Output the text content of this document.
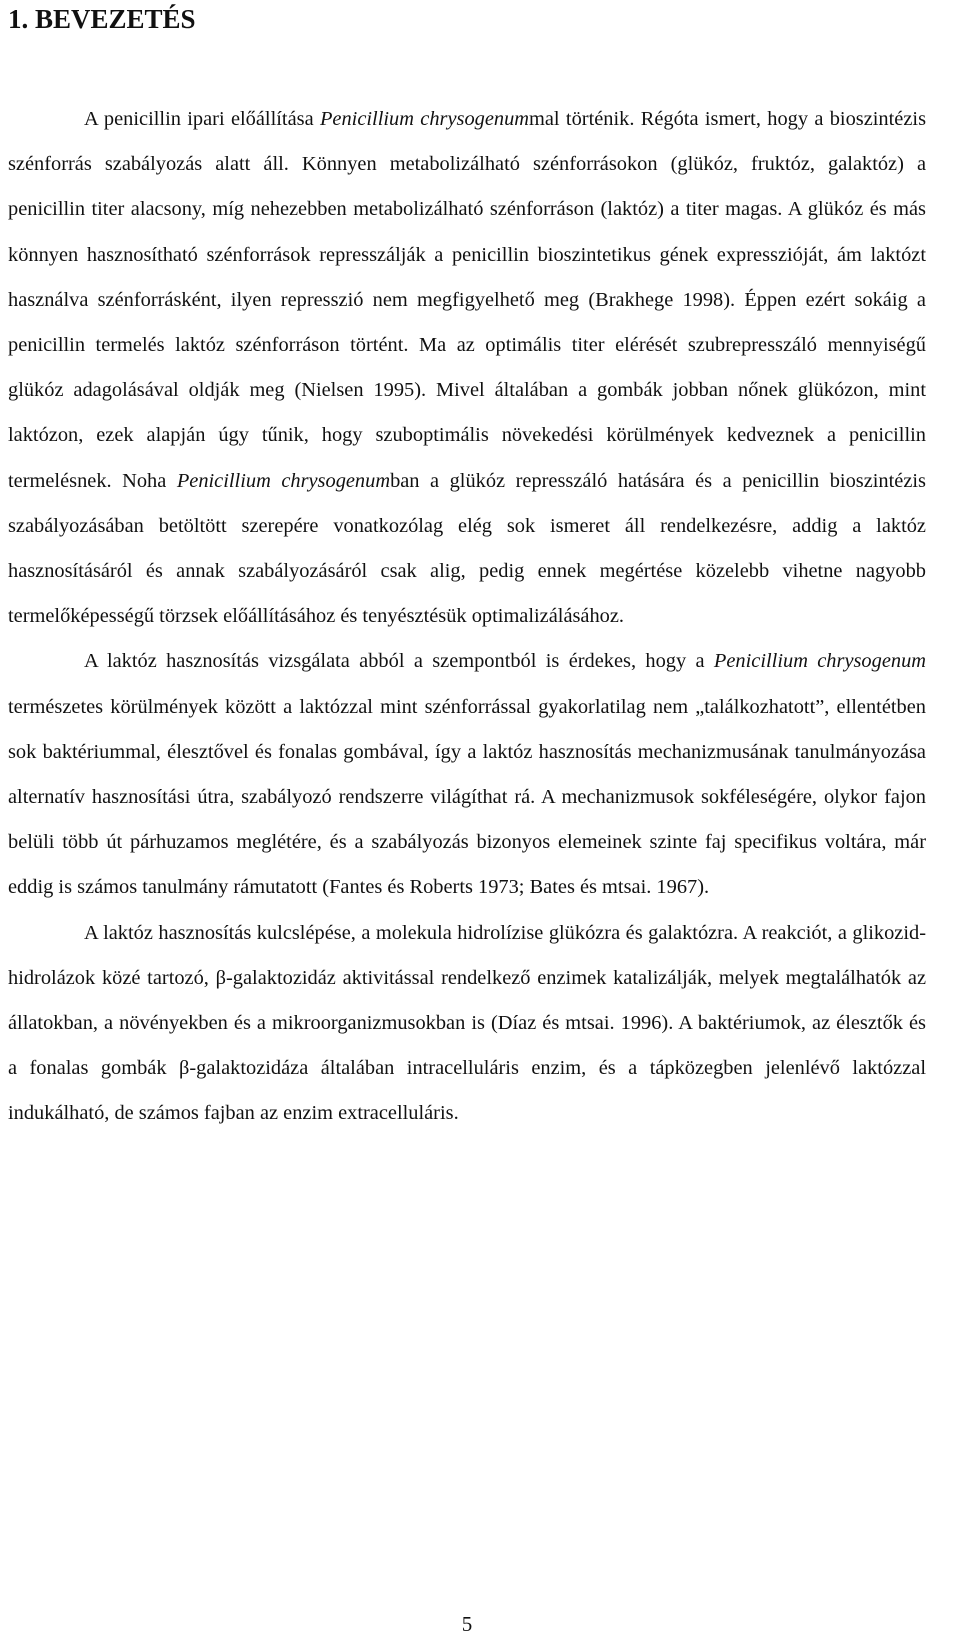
1. BEVEZETÉS

A penicillin ipari előállítása Penicillium chrysogenummal történik. Régóta ismert, hogy a bioszintézis szénforrás szabályozás alatt áll. Könnyen metabolizálható szénforrásokon (glükóz, fruktóz, galaktóz) a penicillin titer alacsony, míg nehezebben metabolizálható szénforráson (laktóz) a titer magas. A glükóz és más könnyen hasznosítható szénforrások represszálják a penicillin bioszintetikus gének expresszióját, ám laktózt használva szénforrásként, ilyen represszió nem megfigyelhető meg (Brakhege 1998). Éppen ezért sokáig a penicillin termelés laktóz szénforráson történt. Ma az optimális titer elérését szubrepresszáló mennyiségű glükóz adagolásával oldják meg (Nielsen 1995). Mivel általában a gombák jobban nőnek glükózon, mint laktózon, ezek alapján úgy tűnik, hogy szuboptimális növekedési körülmények kedveznek a penicillin termelésnek. Noha Penicillium chrysogenumban a glükóz represszáló hatására és a penicillin bioszintézis szabályozásában betöltött szerepére vonatkozólag elég sok ismeret áll rendelkezésre, addig a laktóz hasznosításáról és annak szabályozásáról csak alig, pedig ennek megértése közelebb vihetne nagyobb termelőképességű törzsek előállításához és tenyésztésük optimalizálásához.

A laktóz hasznosítás vizsgálata abból a szempontból is érdekes, hogy a Penicillium chrysogenum természetes körülmények között a laktózzal mint szénforrással gyakorlatilag nem „találkozhatott”, ellentétben sok baktériummal, élesztővel és fonalas gombával, így a laktóz hasznosítás mechanizmusának tanulmányozása alternatív hasznosítási útra, szabályozó rendszerre világíthat rá. A mechanizmusok sokféleségére, olykor fajon belüli több út párhuzamos meglétére, és a szabályozás bizonyos elemeinek szinte faj specifikus voltára, már eddig is számos tanulmány rámutatott (Fantes és Roberts 1973; Bates és mtsai. 1967).

A laktóz hasznosítás kulcslépése, a molekula hidrolízise glükózra és galaktózra. A reakciót, a glikozid-hidrolázok közé tartozó, β-galaktozidáz aktivitással rendelkező enzimek katalizálják, melyek megtalálhatók az állatokban, a növényekben és a mikroorganizmusokban is (Díaz és mtsai. 1996). A baktériumok, az élesztők és a fonalas gombák β-galaktozidáza általában intracelluláris enzim, és a tápközegben jelenlévő laktózzal indukálható, de számos fajban az enzim extracelluláris.

5
